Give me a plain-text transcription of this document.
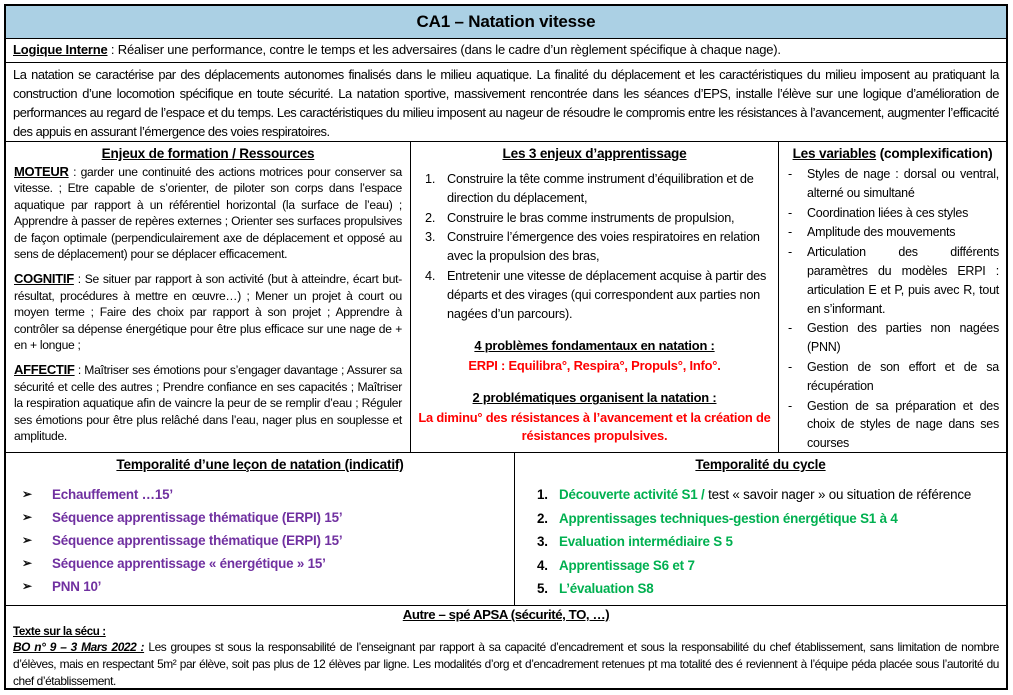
CA1 – Natation vitesse
Logique Interne : Réaliser une performance, contre le temps et les adversaires (dans le cadre d’un règlement spécifique à chaque nage).
La natation se caractérise par des déplacements autonomes finalisés dans le milieu aquatique. La finalité du déplacement et les caractéristiques du milieu imposent au pratiquant la construction d’une locomotion spécifique en toute sécurité. La natation sportive, massivement rencontrée dans les séances d’EPS, installe l’élève sur une logique d’amélioration de performances au regard de l’espace et du temps. Les caractéristiques du milieu imposent au nageur de résoudre le compromis entre les résistances à l’avancement, augmenter l’efficacité des appuis en assurant l’émergence des voies respiratoires.
Enjeux de formation / Ressources

MOTEUR : garder une continuité des actions motrices pour conserver sa vitesse. ; Etre capable de s’orienter, de piloter son corps dans l’espace aquatique par rapport à un référentiel horizontal (la surface de l’eau) ; Apprendre à passer de repères externes ; Orienter ses surfaces propulsives de façon optimale (perpendiculairement axe de déplacement et opposé au sens de déplacement) pour se déplacer efficacement.

COGNITIF : Se situer par rapport à son activité (but à atteindre, écart but-résultat, procédures à mettre en œuvre…) ; Mener un projet à court ou moyen terme ; Faire des choix par rapport à son projet ; Apprendre à contrôler sa dépense énergétique pour être plus efficace sur une nage de + en + longue ;

AFFECTIF : Maîtriser ses émotions pour s’engager davantage ; Assurer sa sécurité et celle des autres ; Prendre confiance en ses capacités ; Maîtriser la respiration aquatique afin de vaincre la peur de se remplir d’eau ; Réguler ses émotions pour être plus relâché dans l’eau, nager plus en souplesse et amplitude.

Les 3 enjeux d’apprentissage
1. Construire la tête comme instrument d’équilibration et de direction du déplacement,
2. Construire le bras comme instruments de propulsion,
3. Construire l’émergence des voies respiratoires en relation avec la propulsion des bras,
4. Entretenir une vitesse de déplacement acquise à partir des départs et des virages (qui correspondent aux parties non nagées d’un parcours).
4 problèmes fondamentaux en natation :
ERPI : Equilibra°, Respira°, Propuls°, Info°.
2 problématiques organisent la natation :
La diminu° des résistances à l’avancement et la création de résistances propulsives.
Les variables (complexification)
- Styles de nage : dorsal ou ventral, alterné ou simultané
- Coordination liées à ces styles
- Amplitude des mouvements
- Articulation des différents paramètres du modèles ERPI : articulation E et P, puis avec R, tout en s’informant.
- Gestion des parties non nagées (PNN)
- Gestion de son effort et de sa récupération
- Gestion de sa préparation et des choix de styles de nage dans ses courses
Temporalité d’une leçon de natation (indicatif)
➢	Echauffement …15’
➢	Séquence apprentissage thématique (ERPI) 15’
➢	Séquence apprentissage thématique (ERPI) 15’
➢	Séquence apprentissage « énergétique » 15’
➢	PNN 10’
Temporalité du cycle
1. Découverte activité S1 / test « savoir nager » ou situation de référence
2. Apprentissages techniques-gestion énergétique S1 à 4
3. Evaluation intermédiaire S 5
4. Apprentissage S6 et 7
5. L’évaluation S8
Autre – spé APSA (sécurité, TO, …)
Texte sur la sécu :
BO n° 9 – 3 Mars 2022 : Les groupes st sous la responsabilité de l’enseignant par rapport à sa capacité d’encadrement et sous la responsabilité du chef établissement, sans limitation de nombre d’élèves, mais en respectant 5m² par élève, soit pas plus de 12 élèves par ligne. Les modalités d’org et d’encadrement retenues pt ma totalité des é reviennent à l’équipe péda placée sous l’autorité du chef d’établissement.
